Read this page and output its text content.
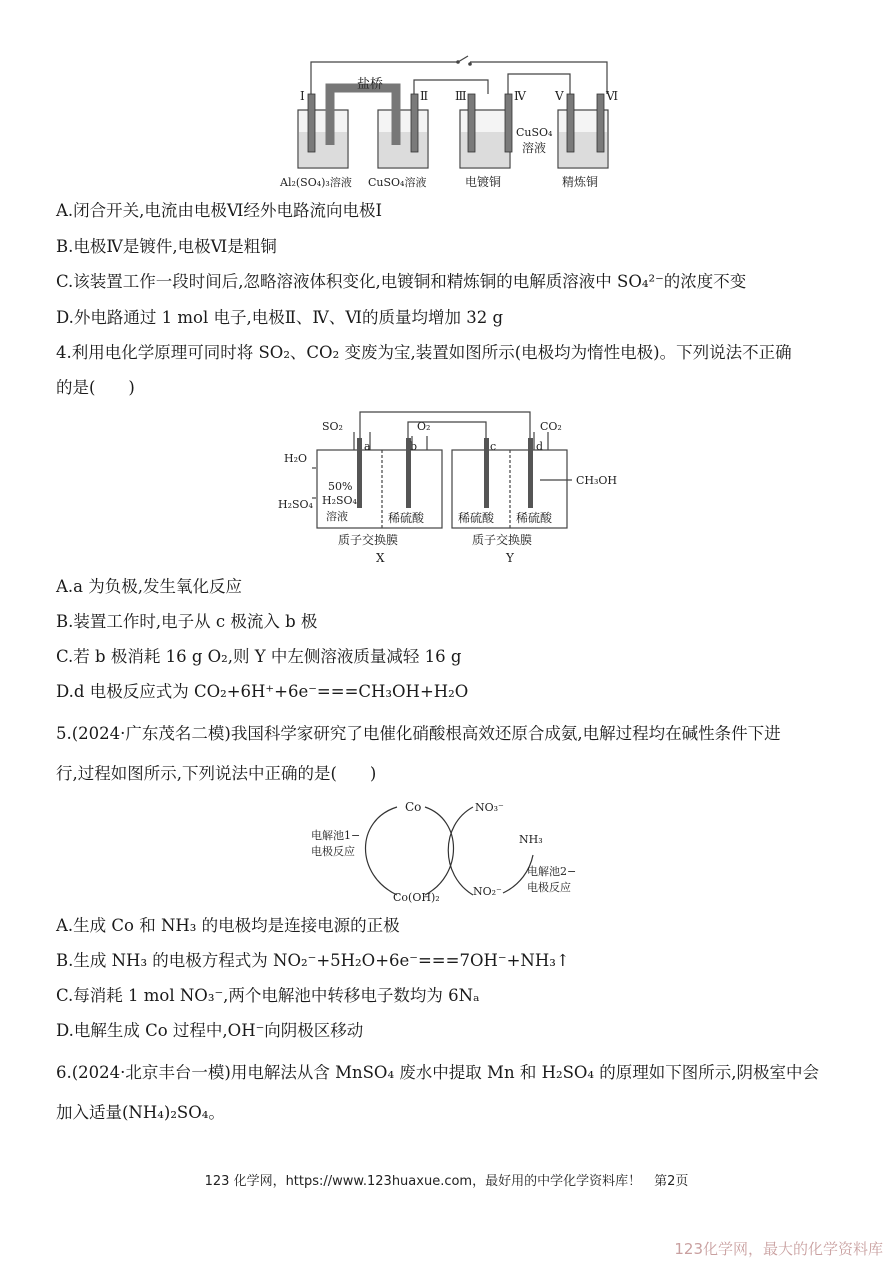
盐桥
Ⅰ	Ⅱ Ⅲ	Ⅳ Ⅴ	Ⅵ
CuSO₄
溶液
Al₂(SO₄)₃溶液 CuSO₄溶液	电镀铜	精炼铜
A.闭合开关,电流由电极Ⅵ经外电路流向电极Ⅰ
B.电极Ⅳ是镀件,电极Ⅵ是粗铜
C.该装置工作一段时间后,忽略溶液体积变化,电镀铜和精炼铜的电解质溶液中 SO₄²⁻的浓度不变
D.外电路通过 1 mol 电子,电极Ⅱ、Ⅳ、Ⅵ的质量均增加 32 g
4.利用电化学原理可同时将 SO₂、CO₂ 变废为宝,装置如图所示(电极均为惰性电极)。下列说法不正确
的是(　　)
SO₂	O₂	CO₂
a	b	c	d
H₂O
H₂SO₄
50%
H₂SO₄
溶液	稀硫酸	稀硫酸 稀硫酸
CH₃OH
质子交换膜	质子交换膜
X	Y
A.a 为负极,发生氧化反应
B.装置工作时,电子从 c 极流入 b 极
C.若 b 极消耗 16 g O₂,则 Y 中左侧溶液质量减轻 16 g
D.d 电极反应式为 CO₂+6H⁺+6e⁻===CH₃OH+H₂O
5.(2024·广东茂名二模)我国科学家研究了电催化硝酸根高效还原合成氨,电解过程均在碱性条件下进
行,过程如图所示,下列说法中正确的是(　　)
Co
Co(OH)₂
NO₃⁻
NO₂⁻
NH₃
电解池1−
电极反应
电解池2−
电极反应
A.生成 Co 和 NH₃ 的电极均是连接电源的正极
B.生成 NH₃ 的电极方程式为 NO₂⁻+5H₂O+6e⁻===7OH⁻+NH₃↑
C.每消耗 1 mol NO₃⁻,两个电解池中转移电子数均为 6Nₐ
D.电解生成 Co 过程中,OH⁻向阴极区移动
6.(2024·北京丰台一模)用电解法从含 MnSO₄ 废水中提取 Mn 和 H₂SO₄ 的原理如下图所示,阴极室中会
加入适量(NH₄)₂SO₄。
123 化学网，https://www.123huaxue.com，最好用的中学化学资料库！　第2页
123化学网，最大的化学资料库
